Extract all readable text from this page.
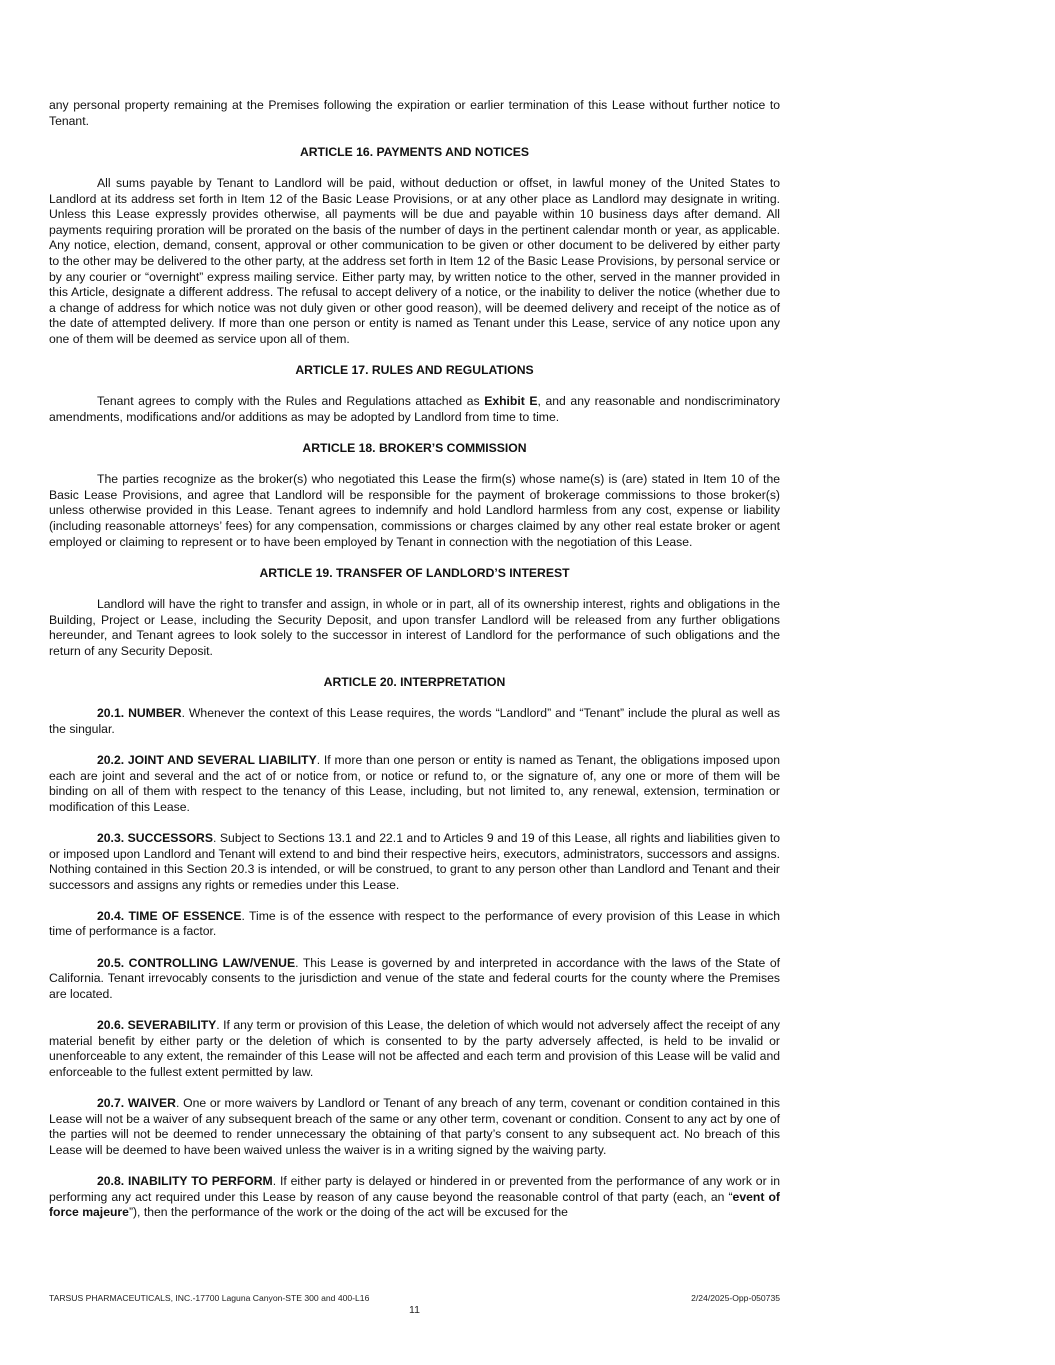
any personal property remaining at the Premises following the expiration or earlier termination of this Lease without further notice to Tenant.

ARTICLE 16. PAYMENTS AND NOTICES

All sums payable by Tenant to Landlord will be paid, without deduction or offset, in lawful money of the United States to Landlord at its address set forth in Item 12 of the Basic Lease Provisions, or at any other place as Landlord may designate in writing. Unless this Lease expressly provides otherwise, all payments will be due and payable within 10 business days after demand. All payments requiring proration will be prorated on the basis of the number of days in the pertinent calendar month or year, as applicable. Any notice, election, demand, consent, approval or other communication to be given or other document to be delivered by either party to the other may be delivered to the other party, at the address set forth in Item 12 of the Basic Lease Provisions, by personal service or by any courier or “overnight” express mailing service. Either party may, by written notice to the other, served in the manner provided in this Article, designate a different address. The refusal to accept delivery of a notice, or the inability to deliver the notice (whether due to a change of address for which notice was not duly given or other good reason), will be deemed delivery and receipt of the notice as of the date of attempted delivery. If more than one person or entity is named as Tenant under this Lease, service of any notice upon any one of them will be deemed as service upon all of them.

ARTICLE 17. RULES AND REGULATIONS

Tenant agrees to comply with the Rules and Regulations attached as Exhibit E, and any reasonable and nondiscriminatory amendments, modifications and/or additions as may be adopted by Landlord from time to time.

ARTICLE 18. BROKER’S COMMISSION

The parties recognize as the broker(s) who negotiated this Lease the firm(s) whose name(s) is (are) stated in Item 10 of the Basic Lease Provisions, and agree that Landlord will be responsible for the payment of brokerage commissions to those broker(s) unless otherwise provided in this Lease. Tenant agrees to indemnify and hold Landlord harmless from any cost, expense or liability (including reasonable attorneys’ fees) for any compensation, commissions or charges claimed by any other real estate broker or agent employed or claiming to represent or to have been employed by Tenant in connection with the negotiation of this Lease.

ARTICLE 19. TRANSFER OF LANDLORD’S INTEREST

Landlord will have the right to transfer and assign, in whole or in part, all of its ownership interest, rights and obligations in the Building, Project or Lease, including the Security Deposit, and upon transfer Landlord will be released from any further obligations hereunder, and Tenant agrees to look solely to the successor in interest of Landlord for the performance of such obligations and the return of any Security Deposit.

ARTICLE 20. INTERPRETATION

20.1. NUMBER. Whenever the context of this Lease requires, the words “Landlord” and “Tenant” include the plural as well as the singular.

20.2. JOINT AND SEVERAL LIABILITY. If more than one person or entity is named as Tenant, the obligations imposed upon each are joint and several and the act of or notice from, or notice or refund to, or the signature of, any one or more of them will be binding on all of them with respect to the tenancy of this Lease, including, but not limited to, any renewal, extension, termination or modification of this Lease.

20.3. SUCCESSORS. Subject to Sections 13.1 and 22.1 and to Articles 9 and 19 of this Lease, all rights and liabilities given to or imposed upon Landlord and Tenant will extend to and bind their respective heirs, executors, administrators, successors and assigns. Nothing contained in this Section 20.3 is intended, or will be construed, to grant to any person other than Landlord and Tenant and their successors and assigns any rights or remedies under this Lease.

20.4. TIME OF ESSENCE. Time is of the essence with respect to the performance of every provision of this Lease in which time of performance is a factor.

20.5. CONTROLLING LAW/VENUE. This Lease is governed by and interpreted in accordance with the laws of the State of California. Tenant irrevocably consents to the jurisdiction and venue of the state and federal courts for the county where the Premises are located.

20.6. SEVERABILITY. If any term or provision of this Lease, the deletion of which would not adversely affect the receipt of any material benefit by either party or the deletion of which is consented to by the party adversely affected, is held to be invalid or unenforceable to any extent, the remainder of this Lease will not be affected and each term and provision of this Lease will be valid and enforceable to the fullest extent permitted by law.

20.7. WAIVER. One or more waivers by Landlord or Tenant of any breach of any term, covenant or condition contained in this Lease will not be a waiver of any subsequent breach of the same or any other term, covenant or condition. Consent to any act by one of the parties will not be deemed to render unnecessary the obtaining of that party’s consent to any subsequent act. No breach of this Lease will be deemed to have been waived unless the waiver is in a writing signed by the waiving party.

20.8. INABILITY TO PERFORM. If either party is delayed or hindered in or prevented from the performance of any work or in performing any act required under this Lease by reason of any cause beyond the reasonable control of that party (each, an “event of force majeure”), then the performance of the work or the doing of the act will be excused for the

TARSUS PHARMACEUTICALS, INC.-17700 Laguna Canyon-STE 300 and 400-L16	2/24/2025-Opp-050735
11
